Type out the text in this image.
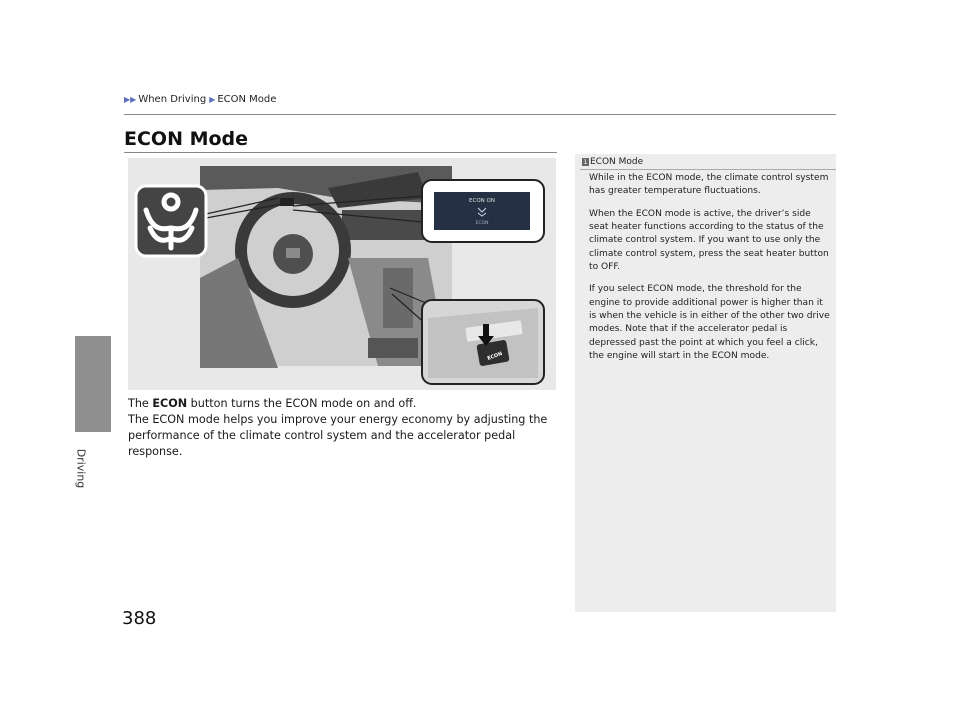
Driving
▶▶ When Driving ▶ ECON Mode
ECON Mode
ECON ON
ECON
ECON

The ECON button turns the ECON mode on and off.

The ECON mode helps you improve your energy economy by adjusting the performance of the climate control system and the accelerator pedal response.

1 ECON Mode

While in the ECON mode, the climate control system has greater temperature fluctuations.

When the ECON mode is active, the driver’s side seat heater functions according to the status of the climate control system. If you want to use only the climate control system, press the seat heater button to OFF.

If you select ECON mode, the threshold for the engine to provide additional power is higher than it is when the vehicle is in either of the other two drive modes. Note that if the accelerator pedal is depressed past the point at which you feel a click, the engine will start in the ECON mode.

388
